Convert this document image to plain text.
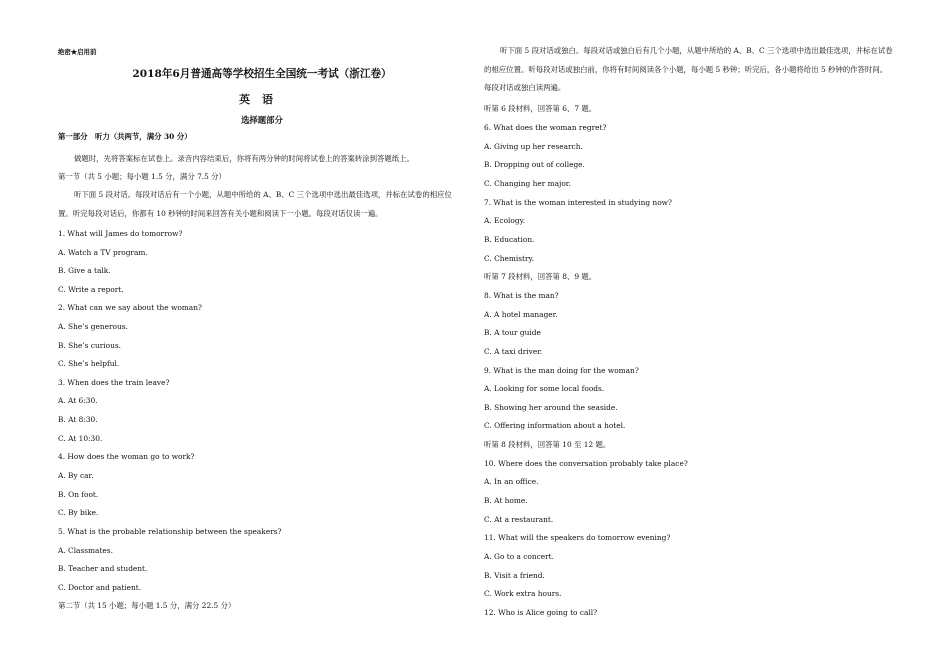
绝密★启用前
2018年6月普通高等学校招生全国统一考试（浙江卷）
英语
选择题部分
第一部分　听力（共两节，满分 30 分）
做题时，先将答案标在试卷上。录音内容结束后，你将有两分钟的时间将试卷上的答案转涂到答题纸上。
第一节（共 5 小题；每小题 1.5 分，满分 7.5 分）
听下面 5 段对话。每段对话后有一个小题，从题中所给的 A、B、C 三个选项中选出最佳选项，并标在试卷的相应位置。听完每段对话后，你都有 10 秒钟的时间来回答有关小题和阅读下一小题。每段对话仅读一遍。
1. What will James do tomorrow?
A. Watch a TV program.
B. Give a talk.
C. Write a report.
2. What can we say about the woman?
A. She’s generous.
B. She’s curious.
C. She’s helpful.
3. When does the train leave?
A. At 6:30.
B. At 8:30.
C. At 10:30.
4. How does the woman go to work?
A. By car.
B. On foot.
C. By bike.
5. What is the probable relationship between the speakers?
A. Classmates.
B. Teacher and student.
C. Doctor and patient.
第二节（共 15 小题；每小题 1.5 分，满分 22.5 分）
听下面 5 段对话或独白。每段对话或独白后有几个小题，从题中所给的 A、B、C 三个选项中选出最佳选项，并标在试卷的相应位置。听每段对话或独白前，你将有时间阅读各个小题，每小题 5 秒钟；听完后，各小题将给出 5 秒钟的作答时间。每段对话或独白读两遍。
听第 6 段材料，回答第 6、7 题。
6. What does the woman regret?
A. Giving up her research.
B. Dropping out of college.
C. Changing her major.
7. What is the woman interested in studying now?
A. Ecology.
B. Education.
C. Chemistry.
听第 7 段材料，回答第 8、9 题。
8. What is the man?
A. A hotel manager.
B. A tour guide
C. A taxi driver.
9. What is the man doing for the woman?
A. Looking for some local foods.
B. Showing her around the seaside.
C. Offering information about a hotel.
听第 8 段材料，回答第 10 至 12 题。
10. Where does the conversation probably take place?
A. In an office.
B. At home.
C. At a restaurant.
11. What will the speakers do tomorrow evening?
A. Go to a concert.
B. Visit a friend.
C. Work extra hours.
12. Who is Alice going to call?
